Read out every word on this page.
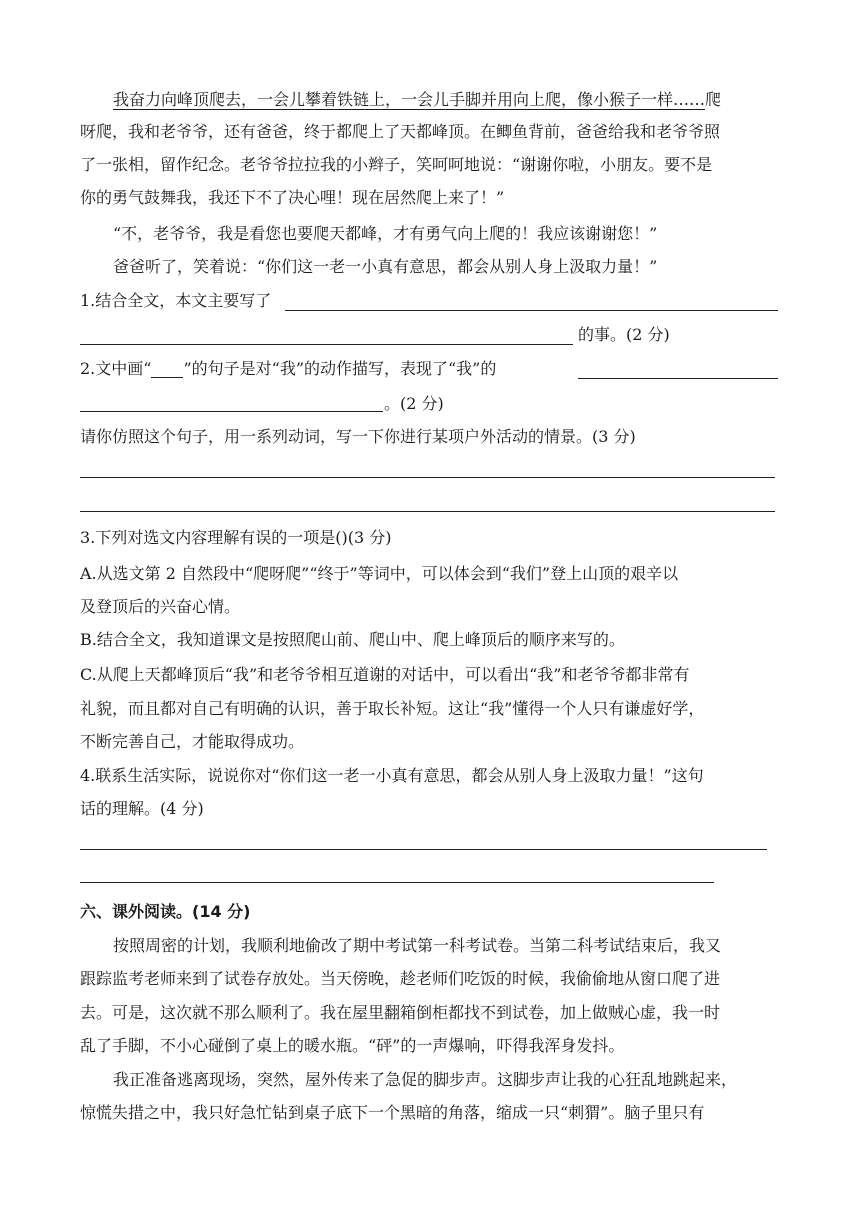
我奋力向峰顶爬去，一会儿攀着铁链上，一会儿手脚并用向上爬，像小猴子一样……爬
呀爬，我和老爷爷，还有爸爸，终于都爬上了天都峰顶。在鲫鱼背前，爸爸给我和老爷爷照
了一张相，留作纪念。老爷爷拉拉我的小辫子，笑呵呵地说：“谢谢你啦，小朋友。要不是
你的勇气鼓舞我，我还下不了决心哩！现在居然爬上来了！”
“不，老爷爷，我是看您也要爬天都峰，才有勇气向上爬的！我应该谢谢您！”
爸爸听了，笑着说：“你们这一老一小真有意思，都会从别人身上汲取力量！”
1.结合全文，本文主要写了
的事。(2 分)
2.文中画“ ”的句子是对“我”的动作描写，表现了“我”的
。(2 分)
请你仿照这个句子，用一系列动词，写一下你进行某项户外活动的情景。(3 分)
3.下列对选文内容理解有误的一项是()(3 分)
A.从选文第 2 自然段中“爬呀爬”“终于”等词中，可以体会到“我们”登上山顶的艰辛以
及登顶后的兴奋心情。
B.结合全文，我知道课文是按照爬山前、爬山中、爬上峰顶后的顺序来写的。
C.从爬上天都峰顶后“我”和老爷爷相互道谢的对话中，可以看出“我”和老爷爷都非常有
礼貌，而且都对自己有明确的认识，善于取长补短。这让“我”懂得一个人只有谦虚好学，
不断完善自己，才能取得成功。
4.联系生活实际，说说你对“你们这一老一小真有意思，都会从别人身上汲取力量！”这句
话的理解。(4 分)
六、课外阅读。(14 分)
按照周密的计划，我顺利地偷改了期中考试第一科考试卷。当第二科考试结束后，我又
跟踪监考老师来到了试卷存放处。当天傍晚，趁老师们吃饭的时候，我偷偷地从窗口爬了进
去。可是，这次就不那么顺利了。我在屋里翻箱倒柜都找不到试卷，加上做贼心虚，我一时
乱了手脚，不小心碰倒了桌上的暖水瓶。“砰”的一声爆响，吓得我浑身发抖。
我正准备逃离现场，突然，屋外传来了急促的脚步声。这脚步声让我的心狂乱地跳起来，
惊慌失措之中，我只好急忙钻到桌子底下一个黑暗的角落，缩成一只“刺猬”。脑子里只有
